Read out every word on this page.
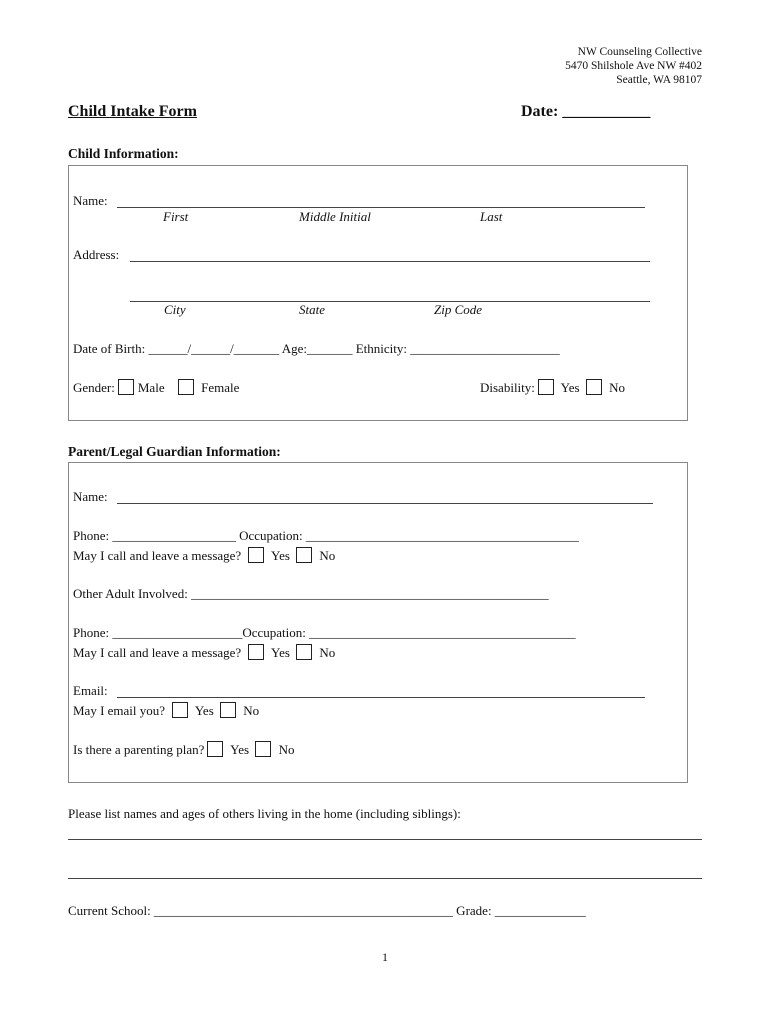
NW Counseling Collective
5470 Shilshole Ave NW #402
Seattle, WA 98107
Child Intake Form	Date: ___________
Child Information:
Name:
First	Middle Initial	Last
Address:
City	State	Zip Code
Date of Birth: ______/______/_______ Age:_______ Ethnicity: _______________________
Gender: Male	Female	Disability: Yes No
Parent/Legal Guardian Information:
Name:
Phone: ___________________ Occupation: __________________________________________
May I call and leave a message? Yes No
Other Adult Involved: _______________________________________________________
Phone: ____________________Occupation: _________________________________________
May I call and leave a message? Yes No
Email:
May I email you? Yes No
Is there a parenting plan? Yes No
Please list names and ages of others living in the home (including siblings):
Current School: ______________________________________________ Grade: ______________
1
